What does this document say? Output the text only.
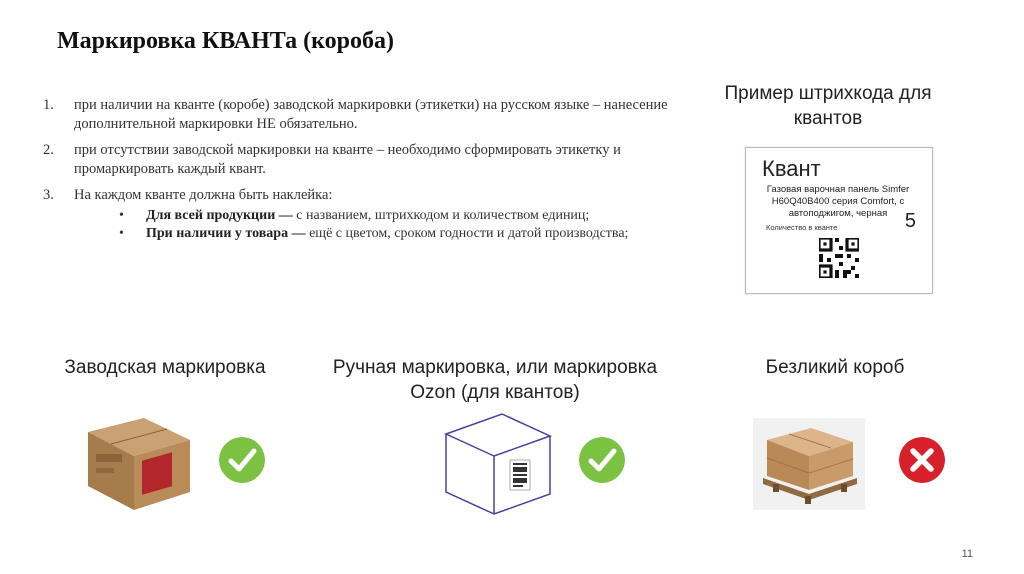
Маркировка КВАНТа (короба)
1.	при наличии на кванте (коробе) заводской маркировки (этикетки) на русском языке – нанесение дополнительной маркировки НЕ обязательно.
2.	при отсутствии заводской маркировки на кванте – необходимо сформировать этикетку и промаркировать каждый квант.
3.	На каждом кванте должна быть наклейка:
•	Для всей продукции — с названием, штрихкодом и количеством единиц;
•	При наличии у товара — ещё с цветом, сроком годности и датой производства;
Пример штрихкода для квантов
Квант
Газовая варочная панель Simfer H60Q40B400 серия Comfort, с автоподжигом, черная 5
Количество в кванте
Заводская маркировка	Ручная маркировка, или маркировка Ozon (для квантов)
Безликий короб
11
